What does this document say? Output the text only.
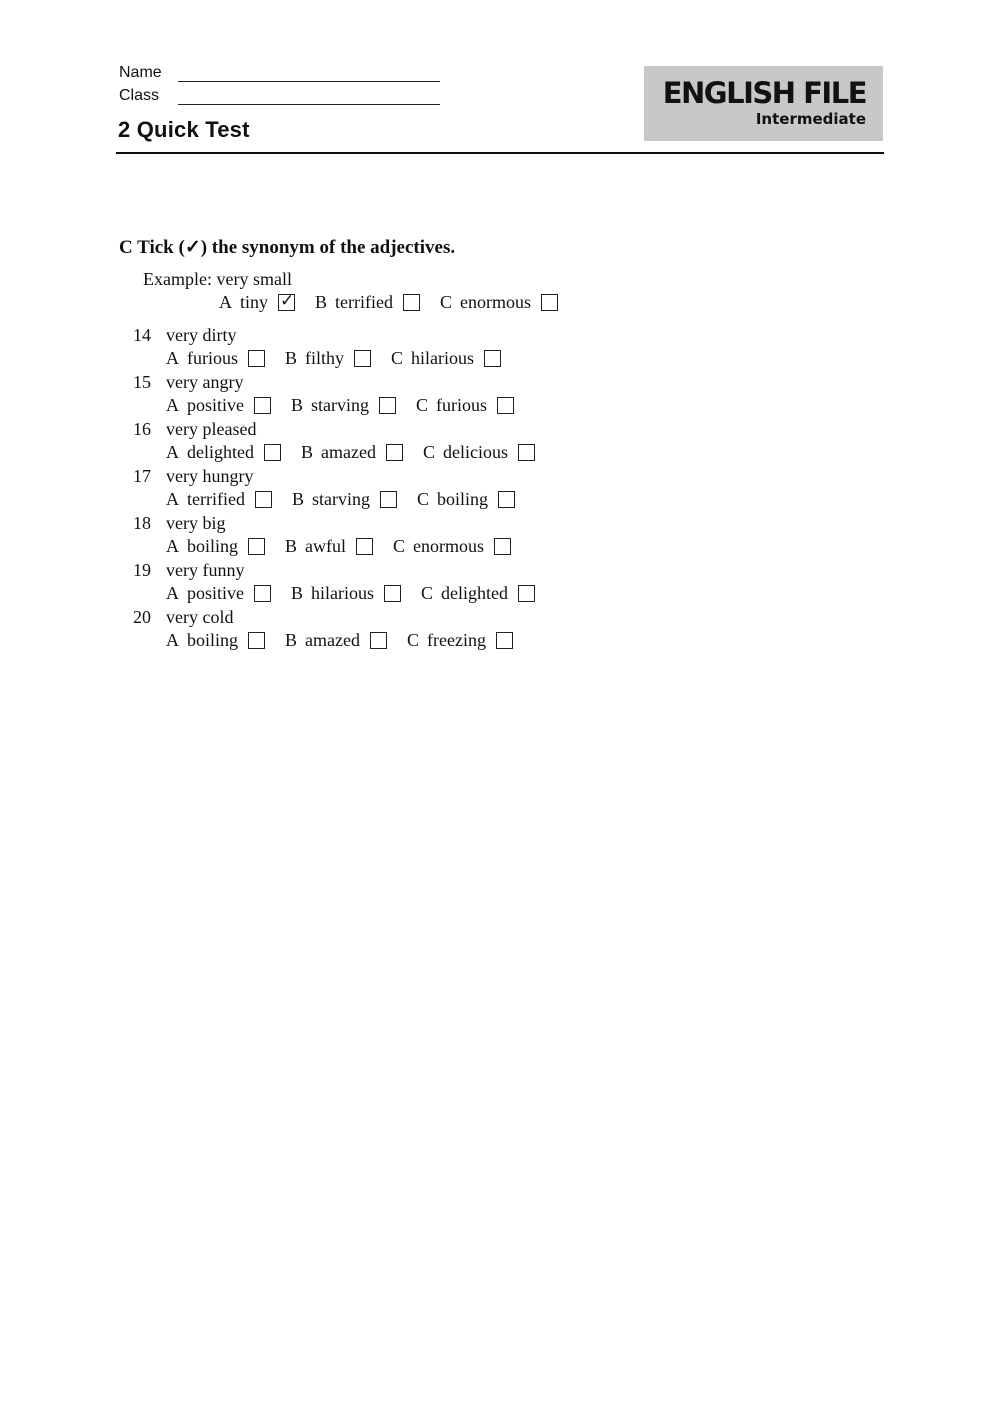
Name
Class
2 Quick Test
ENGLISH FILE
Intermediate
C Tick (✓) the synonym of the adjectives.
Example: very small
A tiny ✓ B terrified	C enormous
14 very dirty
A furious	B filthy	C hilarious
15 very angry
A positive	B starving	C furious
16 very pleased
A delighted	B amazed	C delicious
17 very hungry
A terrified	B starving	C boiling
18 very big
A boiling	B awful	C enormous
19 very funny
A positive	B hilarious	C delighted
20 very cold
A boiling	B amazed	C freezing
